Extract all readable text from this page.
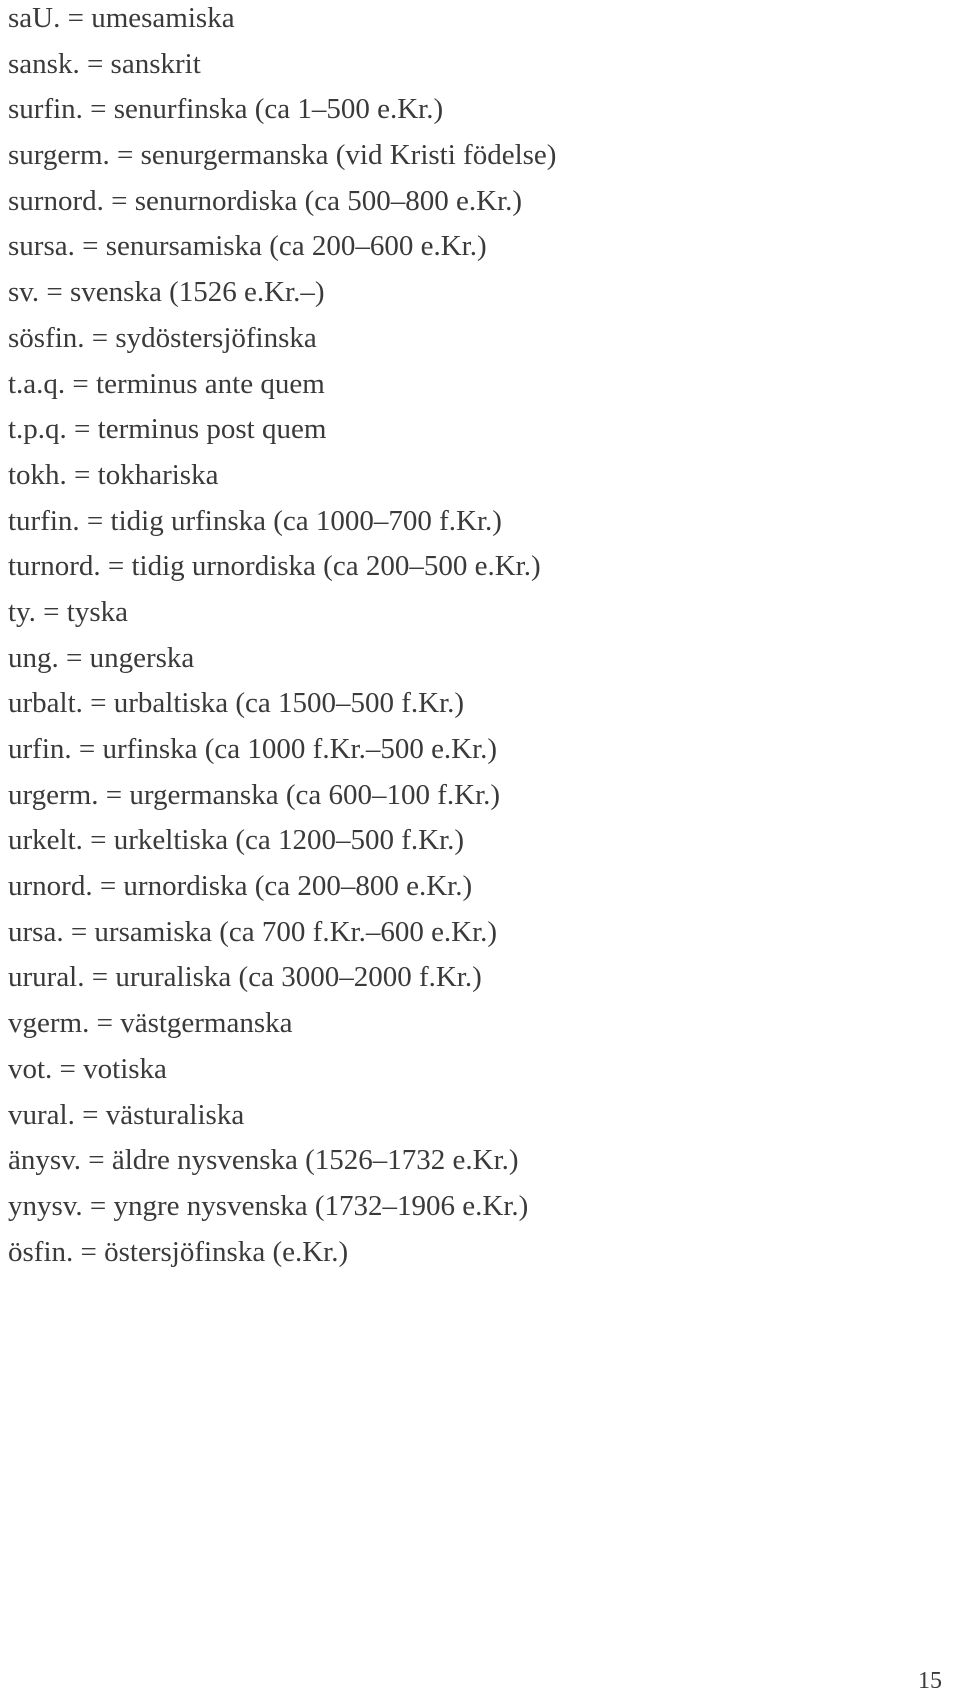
saU. = umesamiska
sansk. = sanskrit
surfin. = senurfinska (ca 1–500 e.Kr.)
surgerm. = senurgermanska (vid Kristi födelse)
surnord. = senurnordiska (ca 500–800 e.Kr.)
sursa. = senursamiska (ca 200–600 e.Kr.)
sv. = svenska (1526 e.Kr.–)
sösfin. = sydöstersjöfinska
t.a.q. = terminus ante quem
t.p.q. = terminus post quem
tokh. = tokhariska
turfin. = tidig urfinska (ca 1000–700 f.Kr.)
turnord. = tidig urnordiska (ca 200–500 e.Kr.)
ty. = tyska
ung. = ungerska
urbalt. = urbaltiska (ca 1500–500 f.Kr.)
urfin. = urfinska (ca 1000 f.Kr.–500 e.Kr.)
urgerm. = urgermanska (ca 600–100 f.Kr.)
urkelt. = urkeltiska (ca 1200–500 f.Kr.)
urnord. = urnordiska (ca 200–800 e.Kr.)
ursa. = ursamiska (ca 700 f.Kr.–600 e.Kr.)
urural. = ururaliska (ca 3000–2000 f.Kr.)
vgerm. = västgermanska
vot. = votiska
vural. = västuraliska
änysv. = äldre nysvenska (1526–1732 e.Kr.)
ynysv. = yngre nysvenska (1732–1906 e.Kr.)
ösfin. = östersjöfinska (e.Kr.)
15
